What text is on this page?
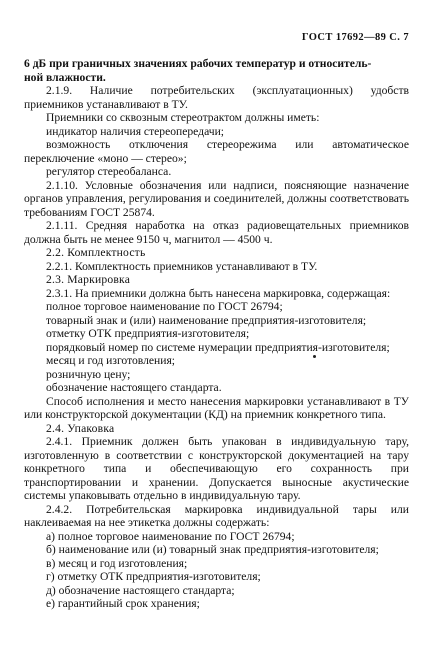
ГОСТ 17692—89 С. 7

6 дБ при граничных значениях рабочих температур и относитель-

ной влажности.

2.1.9. Наличие потребительских (эксплуатационных) удобств приемников устанавливают в ТУ.

Приемники со сквозным стереотрактом должны иметь:

индикатор наличия стереопередачи;

возможность отключения стереорежима или автоматическое переключение «моно — стерео»;

регулятор стереобаланса.

2.1.10. Условные обозначения или надписи, поясняющие назначение органов управления, регулирования и соединителей, должны соответствовать требованиям ГОСТ 25874.

2.1.11. Средняя наработка на отказ радиовещательных приемников должна быть не менее 9150 ч, магнитол — 4500 ч.

2.2. Комплектность

2.2.1. Комплектность приемников устанавливают в ТУ.

2.3. Маркировка

2.3.1. На приемники должна быть нанесена маркировка, содержащая:

полное торговое наименование по ГОСТ 26794;

товарный знак и (или) наименование предприятия-изготовителя;

отметку ОТК предприятия-изготовителя;

порядковый номер по системе нумерации предприятия-изготовителя;

месяц и год изготовления;

розничную цену;

обозначение настоящего стандарта.

Способ исполнения и место нанесения маркировки устанавливают в ТУ или конструкторской документации (КД) на приемник конкретного типа.

2.4. Упаковка

2.4.1. Приемник должен быть упакован в индивидуальную тару, изготовленную в соответствии с конструкторской документацией на тару конкретного типа и обеспечивающую его сохранность при транспортировании и хранении. Допускается выносные акустические системы упаковывать отдельно в индивидуальную тару.

2.4.2. Потребительская маркировка индивидуальной тары или наклеиваемая на нее этикетка должны содержать:

а) полное торговое наименование по ГОСТ 26794;

б) наименование или (и) товарный знак предприятия-изготовителя;

в) месяц и год изготовления;

г) отметку ОТК предприятия-изготовителя;

д) обозначение настоящего стандарта;

е) гарантийный срок хранения;
